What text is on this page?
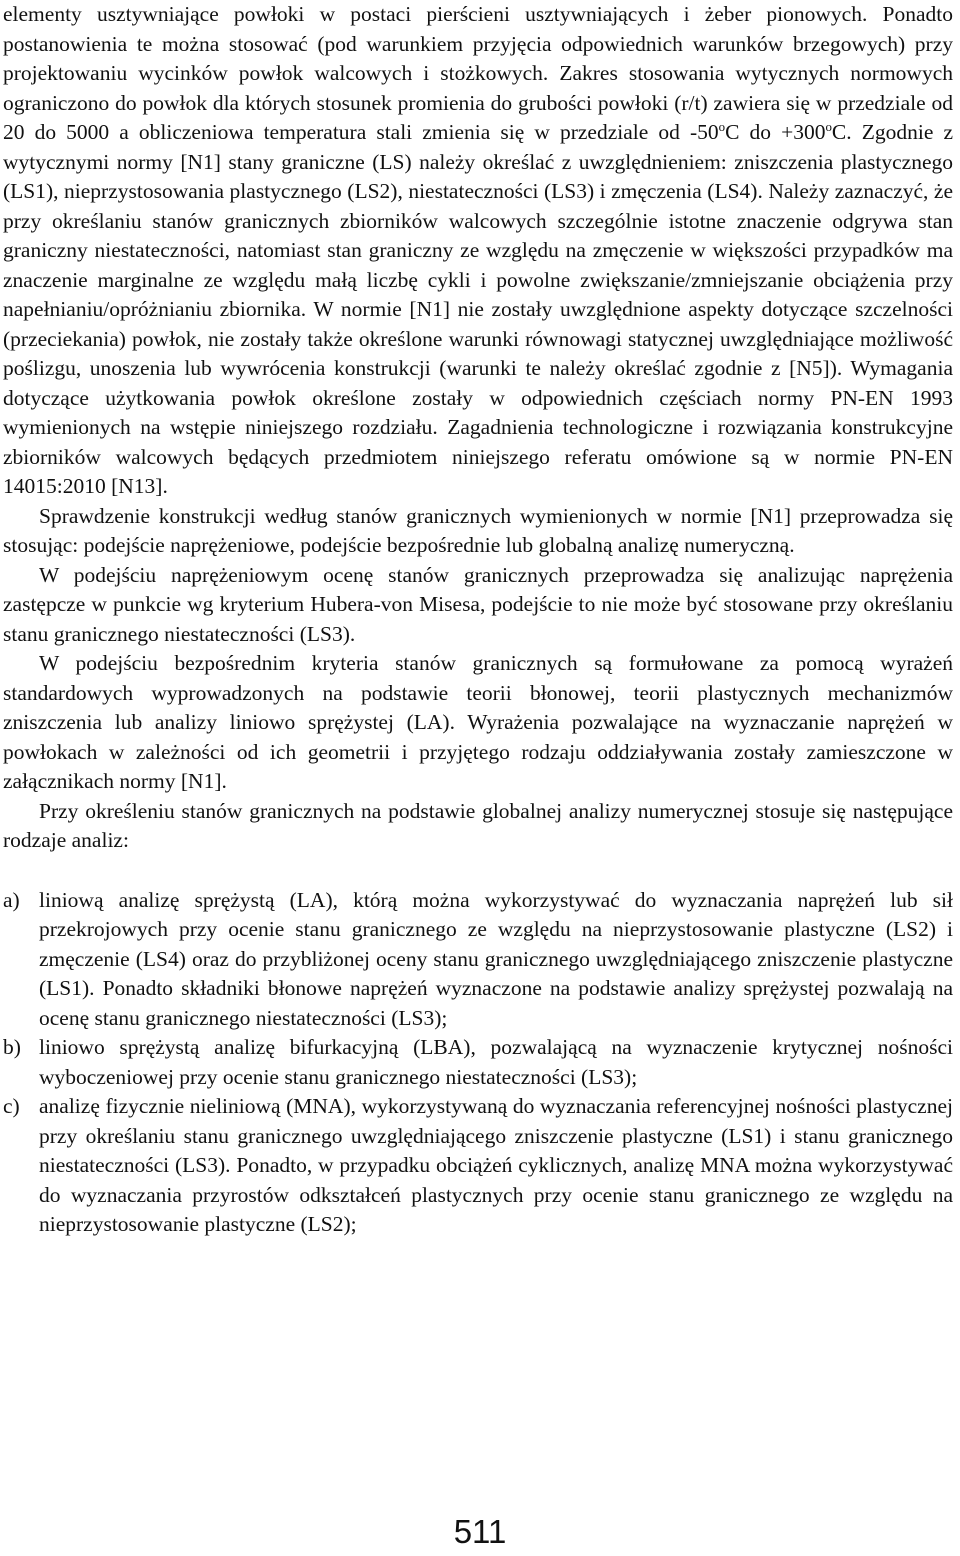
elementy usztywniające powłoki w postaci pierścieni usztywniających i żeber pionowych. Ponadto postanowienia te można stosować (pod warunkiem przyjęcia odpowiednich warunków brzegowych) przy projektowaniu wycinków powłok walcowych i stożkowych. Zakres stosowania wytycznych normowych ograniczono do powłok dla których stosunek promienia do grubości powłoki (r/t) zawiera się w przedziale od 20 do 5000 a obliczeniowa temperatura stali zmienia się w przedziale od -50$^o$C do $+300^oC$. Zgodnie z wytycznymi normy [N1] stany graniczne (LS) należy określać z uwzględnieniem: zniszczenia plastycznego (LS1), nieprzystosowania plastycznego (LS2), niestateczności (LS3) i zmęczenia (LS4). Należy zaznaczyć, że przy określaniu stanów granicznych zbiorników walcowych szczególnie istotne znaczenie odgrywa stan graniczny niestateczności, natomiast stan graniczny ze względu na zmęczenie w większości przypadków ma znaczenie marginalne ze względu małą liczbę cykli i powolne zwiększanie/zmniejszanie obciążenia przy napełnianiu/opróżnianiu zbiornika. W normie [N1] nie zostały uwzględnione aspekty dotyczące szczelności (przeciekania) powłok, nie zostały także określone warunki równowagi statycznej uwzględniające możliwość poślizgu, unoszenia lub wywrócenia konstrukcji (warunki te należy określać zgodnie z [N5]). Wymagania dotyczące użytkowania powłok określone zostały w odpowiednich częściach normy PN-EN 1993 wymienionych na wstępie niniejszego rozdziału. Zagadnienia technologiczne i rozwiązania konstrukcyjne zbiorników walcowych będących przedmiotem niniejszego referatu omówione są w normie PN-EN 14015:2010 [N13].

Sprawdzenie konstrukcji według stanów granicznych wymienionych w normie [N1] przeprowadza się stosując: podejście naprężeniowe, podejście bezpośrednie lub globalną analizę numeryczną.

W podejściu naprężeniowym ocenę stanów granicznych przeprowadza się analizując naprężenia zastępcze w punkcie wg kryterium Hubera-von Misesa, podejście to nie może być stosowane przy określaniu stanu granicznego niestateczności (LS3).

W podejściu bezpośrednim kryteria stanów granicznych są formułowane za pomocą wyrażeń standardowych wyprowadzonych na podstawie teorii błonowej, teorii plastycznych mechanizmów zniszczenia lub analizy liniowo sprężystej (LA). Wyrażenia pozwalające na wyznaczanie naprężeń w powłokach w zależności od ich geometrii i przyjętego rodzaju oddziaływania zostały zamieszczone w załącznikach normy [N1].

Przy określeniu stanów granicznych na podstawie globalnej analizy numerycznej stosuje się następujące rodzaje analiz:

a) liniową analizę sprężystą (LA), którą można wykorzystywać do wyznaczania naprężeń lub sił przekrojowych przy ocenie stanu granicznego ze względu na nieprzystosowanie plastyczne (LS2) i zmęczenie (LS4) oraz do przybliżonej oceny stanu granicznego uwzględniającego zniszczenie plastyczne (LS1). Ponadto składniki błonowe naprężeń wyznaczone na podstawie analizy sprężystej pozwalają na ocenę stanu granicznego niestateczności (LS3);
b) liniowo sprężystą analizę bifurkacyjną (LBA), pozwalającą na wyznaczenie krytycznej nośności wyboczeniowej przy ocenie stanu granicznego niestateczności (LS3);
c) analizę fizycznie nieliniową (MNA), wykorzystywaną do wyznaczania referencyjnej nośności plastycznej przy określaniu stanu granicznego uwzględniającego zniszczenie plastyczne (LS1) i stanu granicznego niestateczności (LS3). Ponadto, w przypadku obciążeń cyklicznych, analizę MNA można wykorzystywać do wyznaczania przyrostów odkształceń plastycznych przy ocenie stanu granicznego ze względu na nieprzystosowanie plastyczne (LS2);
511
